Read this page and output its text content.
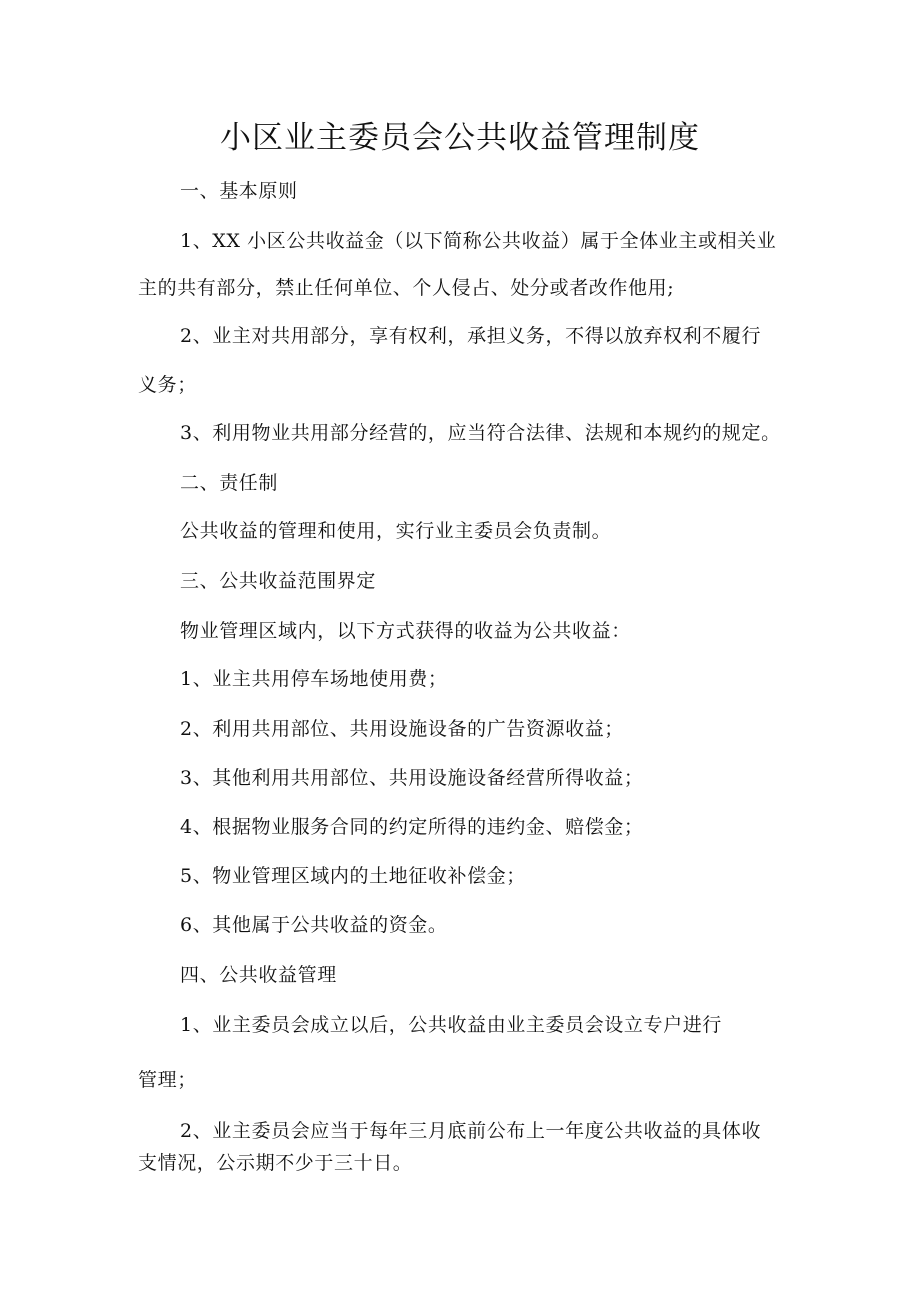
小区业主委员会公共收益管理制度
一、基本原则
1、XX 小区公共收益金（以下简称公共收益）属于全体业主或相关业
主的共有部分，禁止任何单位、个人侵占、处分或者改作他用;
2、业主对共用部分，享有权利，承担义务，不得以放弃权利不履行
义务；
3、利用物业共用部分经营的，应当符合法律、法规和本规约的规定。
二、责任制
公共收益的管理和使用，实行业主委员会负责制。
三、公共收益范围界定
物业管理区域内，以下方式获得的收益为公共收益：
1、业主共用停车场地使用费；
2、利用共用部位、共用设施设备的广告资源收益；
3、其他利用共用部位、共用设施设备经营所得收益；
4、根据物业服务合同的约定所得的违约金、赔偿金；
5、物业管理区域内的土地征收补偿金；
6、其他属于公共收益的资金。
四、公共收益管理
1、业主委员会成立以后，公共收益由业主委员会设立专户进行
管理；
2、业主委员会应当于每年三月底前公布上一年度公共收益的具体收
支情况，公示期不少于三十日。
